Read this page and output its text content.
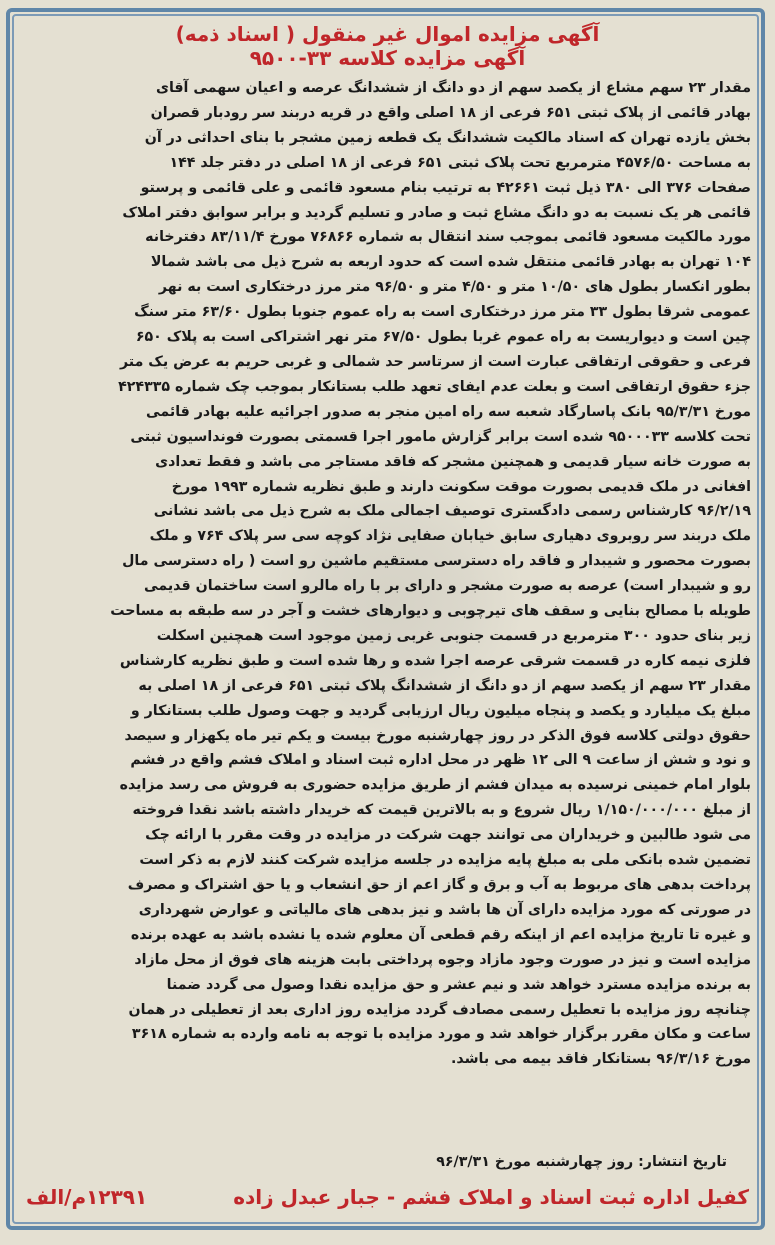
آگهی مزایده اموال غیر منقول ( اسناد ذمه)
آگهی مزایده کلاسه ۳۳-۹۵۰۰
مقدار ۲۳ سهم مشاع از یکصد سهم از دو دانگ از ششدانگ عرصه و اعیان سهمی آقای
بهادر قائمی از پلاک ثبتی ۶۵۱ فرعی از ۱۸ اصلی واقع در قریه دربند سر رودبار قصران
بخش یازده تهران که اسناد مالکیت ششدانگ یک قطعه زمین مشجر با بنای احداثی در آن
به مساحت ۴۵۷۶/۵۰ مترمربع تحت پلاک ثبتی ۶۵۱ فرعی از ۱۸ اصلی در دفتر جلد ۱۴۴
صفحات ۳۷۶ الی ۳۸۰ ذیل ثبت ۴۲۶۶۱ به ترتیب بنام مسعود قائمی و علی قائمی و پرستو
قائمی هر یک نسبت به دو دانگ مشاع ثبت و صادر و تسلیم گردید و برابر سوابق دفتر املاک
مورد مالکیت مسعود قائمی بموجب سند انتقال به شماره ۷۶۸۶۶ مورخ ۸۳/۱۱/۴ دفترخانه
۱۰۴ تهران به بهادر قائمی منتقل شده است که حدود اربعه به شرح ذیل می باشد شمالا
بطور انکسار بطول های ۱۰/۵۰ متر و ۴/۵۰ متر و ۹۶/۵۰ متر مرز درختکاری است به نهر
عمومی شرقا بطول ۳۳ متر مرز درختکاری است به راه عموم جنوبا بطول ۶۳/۶۰ متر سنگ
چین است و دیواریست به راه عموم غربا بطول ۶۷/۵۰ متر نهر اشتراکی است به پلاک ۶۵۰
فرعی و حقوقی ارتفاقی عبارت است از سرتاسر حد شمالی و غربی حریم به عرض یک متر
جزء حقوق ارتفاقی است و بعلت عدم ایفای تعهد طلب بستانکار بموجب چک شماره ۴۲۴۳۳۵
مورخ ۹۵/۳/۳۱ بانک پاسارگاد شعبه سه راه امین منجر به صدور اجرائیه علیه بهادر قائمی
تحت کلاسه ۹۵۰۰۰۳۳ شده است برابر گزارش مامور اجرا قسمتی بصورت فونداسیون ثبتی
به صورت خانه سیار قدیمی و همچنین مشجر که فاقد مستاجر می باشد و فقط تعدادی
افغانی در ملک قدیمی بصورت موقت سکونت دارند و طبق نظریه شماره ۱۹۹۳ مورخ
۹۶/۲/۱۹ کارشناس رسمی دادگستری توصیف اجمالی ملک به شرح ذیل می باشد نشانی
ملک دربند سر روبروی دهیاری سابق خیابان صفایی نژاد کوچه سی سر پلاک ۷۶۴ و ملک
بصورت محصور و شیبدار و فاقد راه دسترسی مستقیم ماشین رو است ( راه دسترسی مال
رو و شیبدار است) عرصه به صورت مشجر و دارای بر با راه مالرو است ساختمان قدیمی
طویله با مصالح بنایی و سقف های تیرچوبی و دیوارهای خشت و آجر در سه طبقه به مساحت
زیر بنای حدود ۳۰۰ مترمربع در قسمت جنوبی غربی زمین موجود است همچنین اسکلت
فلزی نیمه کاره در قسمت شرقی عرصه اجرا شده و رها شده است و طبق نظریه کارشناس
مقدار ۲۳ سهم از یکصد سهم از دو دانگ از ششدانگ پلاک ثبتی ۶۵۱ فرعی از ۱۸ اصلی به
مبلغ یک میلیارد و یکصد و پنجاه میلیون ریال ارزیابی گردید و جهت وصول طلب بستانکار و
حقوق دولتی کلاسه فوق الذکر در روز چهارشنبه مورخ بیست و یکم تیر ماه یکهزار و سیصد
و نود و شش از ساعت ۹ الی ۱۲ ظهر در محل اداره ثبت اسناد و املاک فشم واقع در فشم
بلوار امام خمینی نرسیده به میدان فشم از طریق مزایده حضوری به فروش می رسد مزایده
از مبلغ ۱/۱۵۰/۰۰۰/۰۰۰ ریال شروع و به بالاترین قیمت که خریدار داشته باشد نقدا فروخته
می شود طالبین و خریداران می توانند جهت شرکت در مزایده در وقت مقرر با ارائه چک
تضمین شده بانکی ملی به مبلغ پایه مزایده در جلسه مزایده شرکت کنند لازم به ذکر است
پرداخت بدهی های مربوط به آب و برق و گاز اعم از حق انشعاب و یا حق اشتراک و مصرف
در صورتی که مورد مزایده دارای آن ها باشد و نیز بدهی های مالیاتی و عوارض شهرداری
و غیره تا تاریخ مزایده اعم از اینکه رقم قطعی آن معلوم شده یا نشده باشد به عهده برنده
مزایده است و نیز در صورت وجود مازاد وجوه پرداختی بابت هزینه های فوق از محل مازاد
به برنده مزایده مسترد خواهد شد و نیم عشر و حق مزایده نقدا وصول می گردد ضمنا
چنانچه روز مزایده با تعطیل رسمی مصادف گردد مزایده روز اداری بعد از تعطیلی در همان
ساعت و مکان مقرر برگزار خواهد شد و مورد مزایده با توجه به نامه وارده به شماره ۳۶۱۸
مورخ ۹۶/۳/۱۶ بستانکار فاقد بیمه می باشد.
تاریخ انتشار: روز چهارشنبه مورخ ۹۶/۳/۳۱
کفیل اداره ثبت اسناد و املاک فشم - جبار عبدل زاده
۱۲۳۹۱م/الف
